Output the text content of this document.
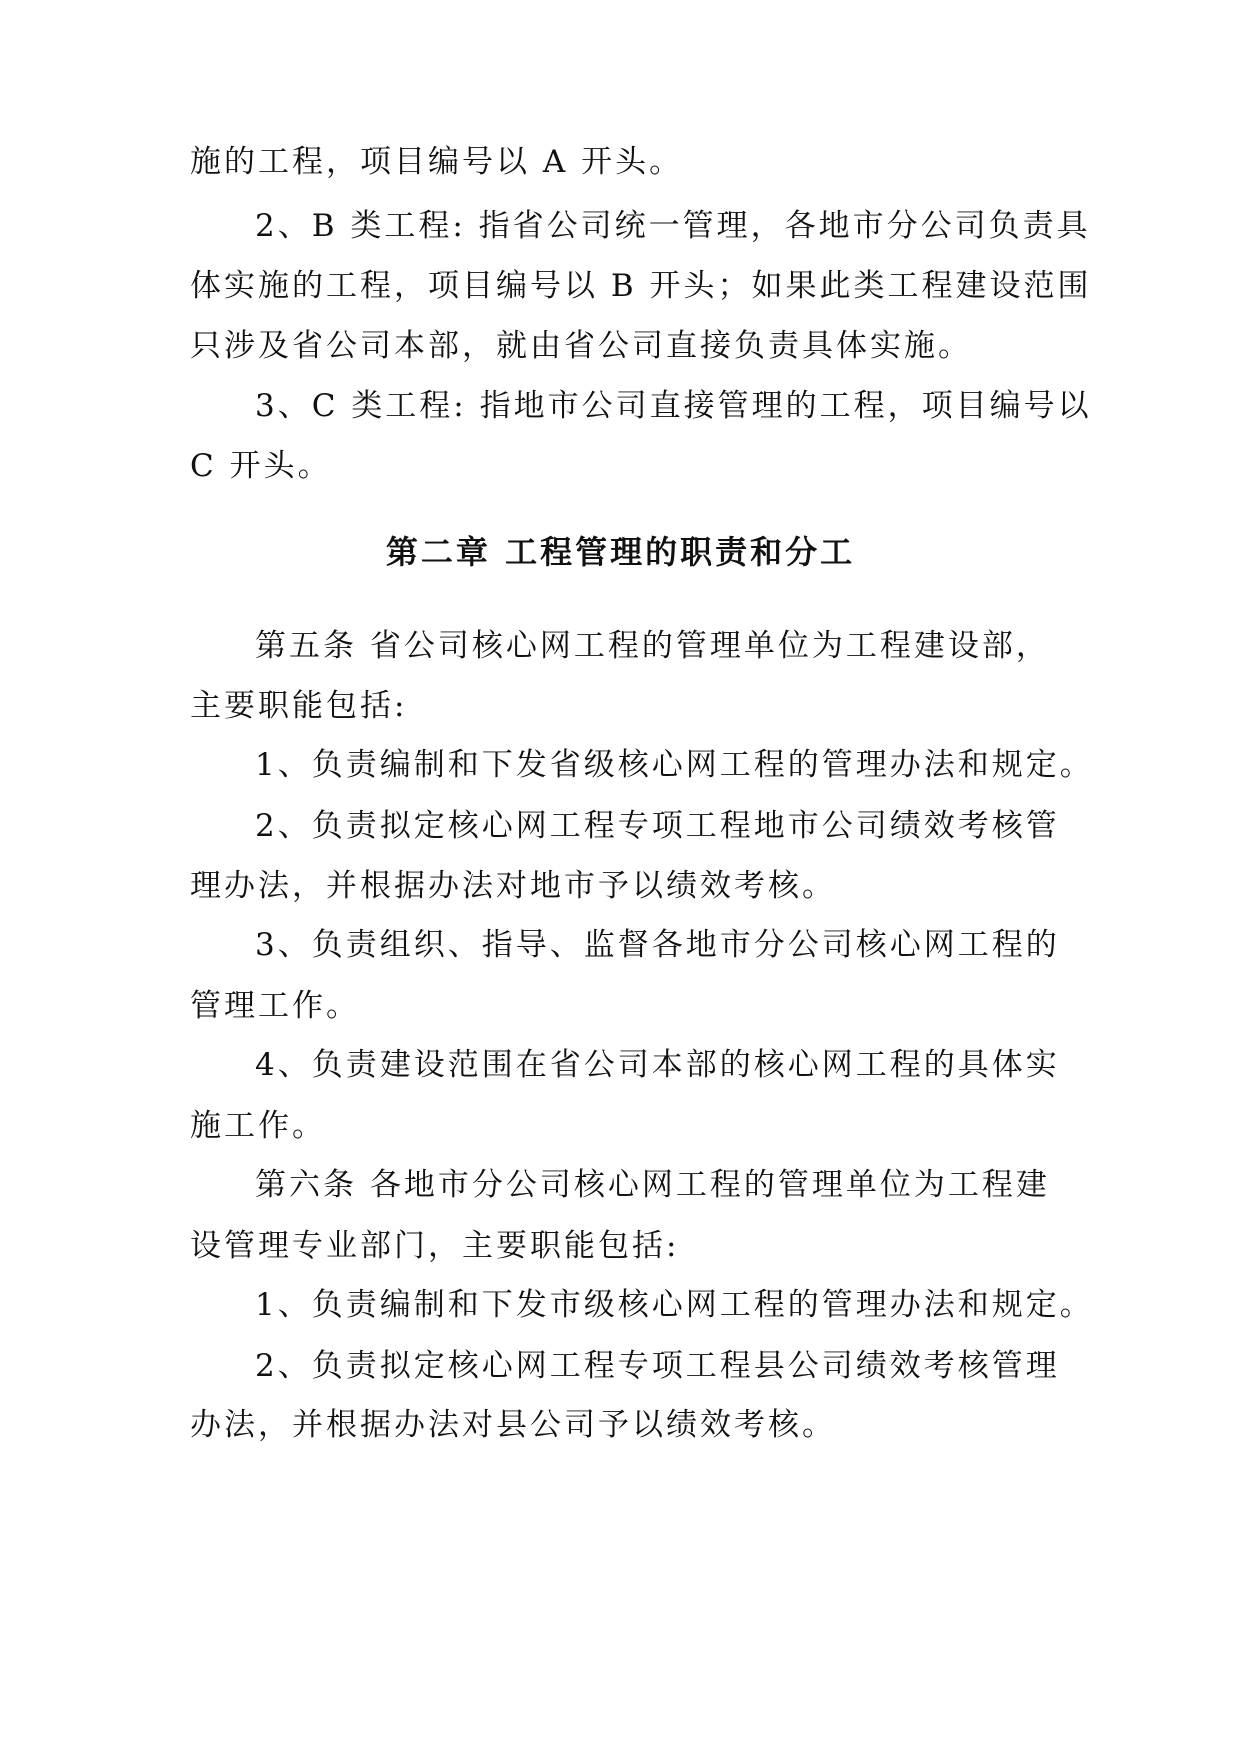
施的工程，项目编号以 A 开头。
2、B 类工程: 指省公司统一管理，各地市分公司负责具
体实施的工程，项目编号以 B 开头；如果此类工程建设范围
只涉及省公司本部，就由省公司直接负责具体实施。
3、C 类工程: 指地市公司直接管理的工程，项目编号以
C 开头。
第二章 工程管理的职责和分工
第五条 省公司核心网工程的管理单位为工程建设部，
主要职能包括:
1、负责编制和下发省级核心网工程的管理办法和规定。
2、负责拟定核心网工程专项工程地市公司绩效考核管
理办法，并根据办法对地市予以绩效考核。
3、负责组织、指导、监督各地市分公司核心网工程的
管理工作。
4、负责建设范围在省公司本部的核心网工程的具体实
施工作。
第六条 各地市分公司核心网工程的管理单位为工程建
设管理专业部门，主要职能包括:
1、负责编制和下发市级核心网工程的管理办法和规定。
2、负责拟定核心网工程专项工程县公司绩效考核管理
办法，并根据办法对县公司予以绩效考核。
